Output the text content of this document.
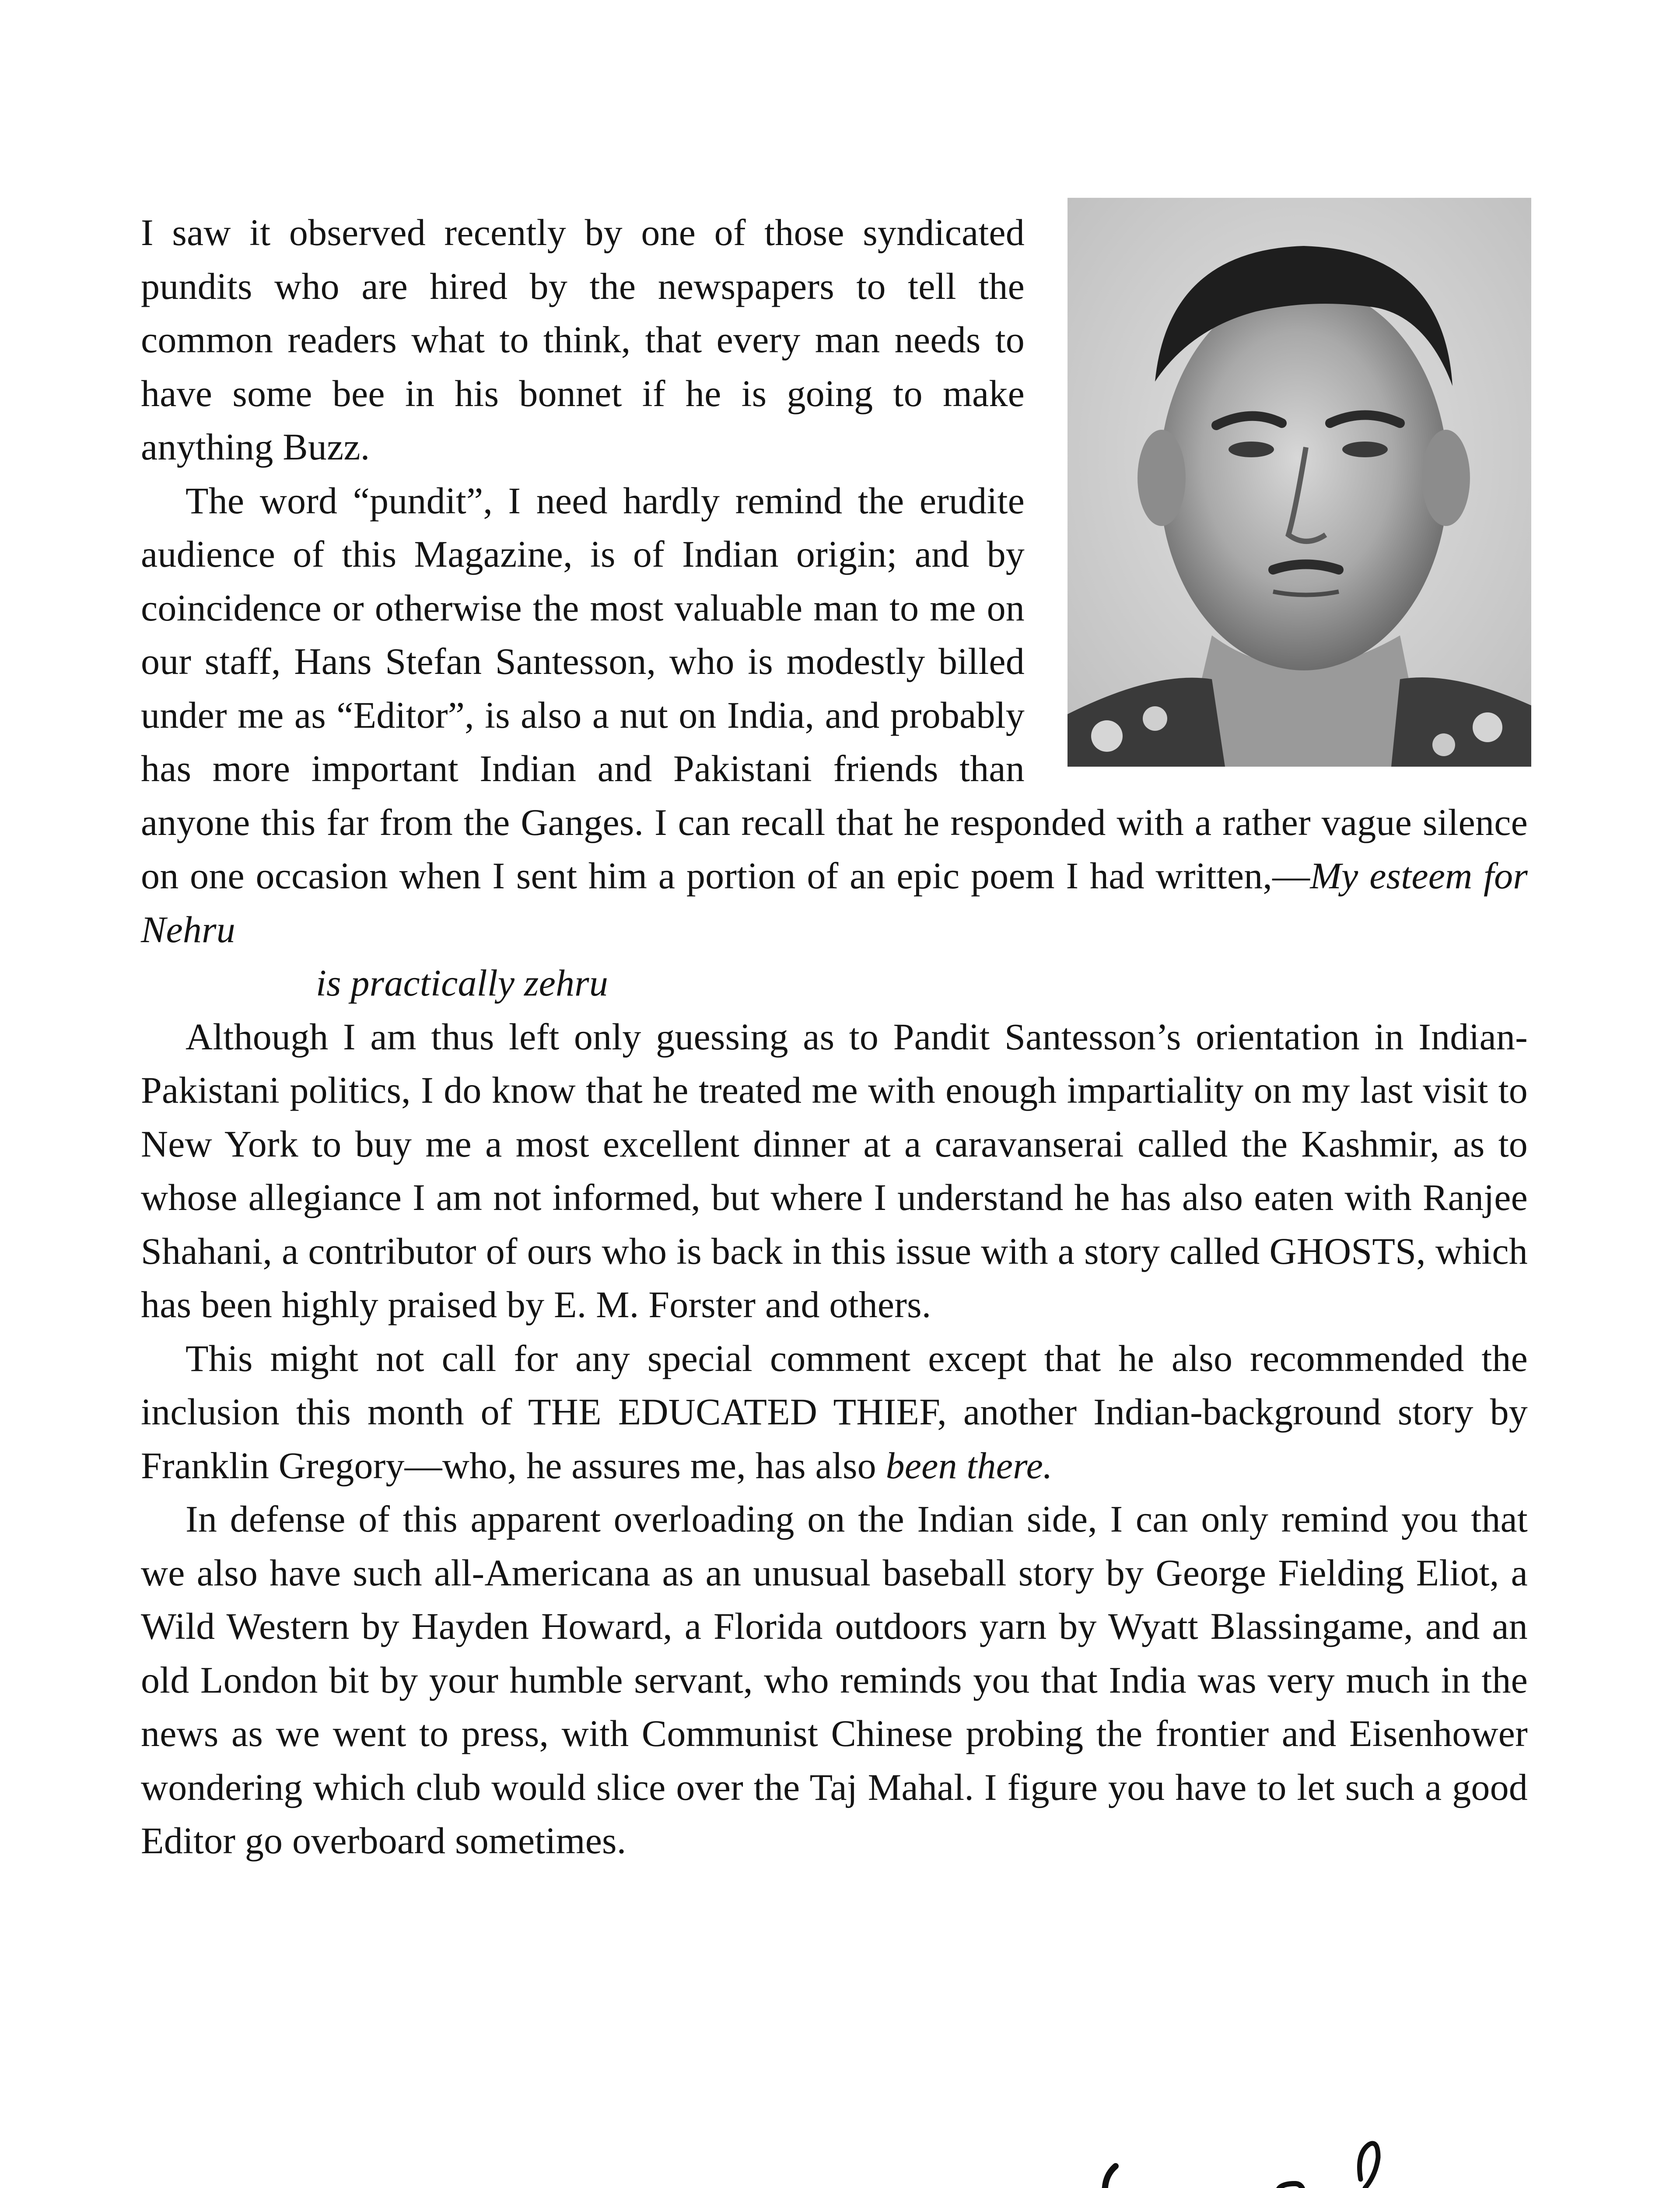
I saw it observed recently by one of those syndicated pundits who are hired by the newspapers to tell the common readers what to think, that every man needs to have some bee in his bonnet if he is going to make anything Buzz.

The word “pundit”, I need hardly remind the erudite audience of this Magazine, is of Indian origin; and by coincidence or otherwise the most valuable man to me on our staff, Hans Stefan Santesson, who is modestly billed under me as “Editor”, is also a nut on India, and probably has more important Indian and Pakistani friends than anyone this far from the Ganges. I can recall that he responded with a rather vague silence on one occasion when I sent him a portion of an epic poem I had written,—My esteem for Nehru
is practically zehru

Although I am thus left only guessing as to Pandit Santesson’s orientation in Indian-Pakistani politics, I do know that he treated me with enough impartiality on my last visit to New York to buy me a most excellent dinner at a caravanserai called the Kashmir, as to whose allegiance I am not informed, but where I understand he has also eaten with Ranjee Shahani, a contributor of ours who is back in this issue with a story called GHOSTS, which has been highly praised by E. M. Forster and others.

This might not call for any special comment except that he also recommended the inclusion this month of THE EDUCATED THIEF, another Indian-background story by Franklin Gregory—who, he assures me, has also been there.

In defense of this apparent overloading on the Indian side, I can only remind you that we also have such all-Americana as an unusual baseball story by George Fielding Eliot, a Wild Western by Hayden Howard, a Florida outdoors yarn by Wyatt Blassingame, and an old London bit by your humble servant, who reminds you that India was very much in the news as we went to press, with Communist Chinese probing the frontier and Eisenhower wondering which club would slice over the Taj Mahal. I figure you have to let such a good Editor go overboard sometimes.
